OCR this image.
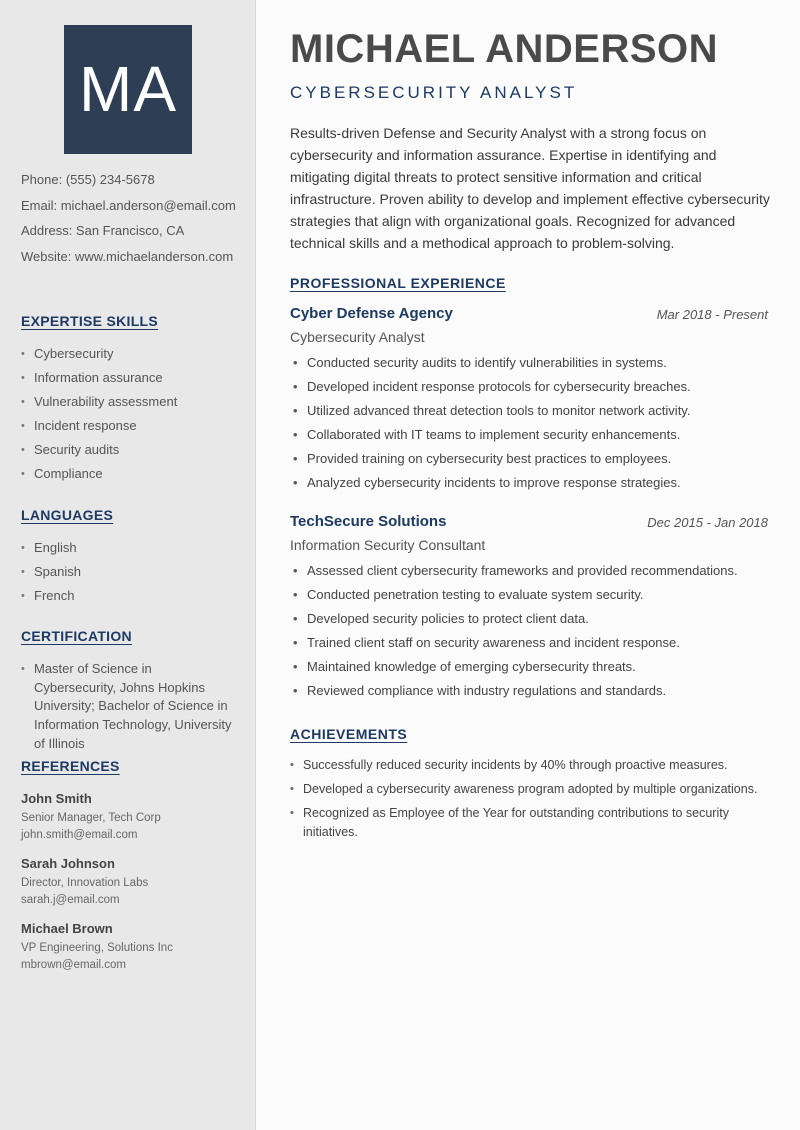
MA
Phone: (555) 234-5678
Email: michael.anderson@email.com
Address: San Francisco, CA
Website: www.michaelanderson.com
EXPERTISE SKILLS
• Cybersecurity
• Information assurance
• Vulnerability assessment
• Incident response
• Security audits
• Compliance
LANGUAGES
• English
• Spanish
• French
CERTIFICATION
• Master of Science in Cybersecurity, Johns Hopkins University; Bachelor of Science in Information Technology, University of Illinois
REFERENCES
John Smith
Senior Manager, Tech Corp
john.smith@email.com
Sarah Johnson
Director, Innovation Labs
sarah.j@email.com
Michael Brown
VP Engineering, Solutions Inc
mbrown@email.com
MICHAEL ANDERSON
CYBERSECURITY ANALYST

Results-driven Defense and Security Analyst with a strong focus on cybersecurity and information assurance. Expertise in identifying and mitigating digital threats to protect sensitive information and critical infrastructure. Proven ability to develop and implement effective cybersecurity strategies that align with organizational goals. Recognized for advanced technical skills and a methodical approach to problem-solving.

PROFESSIONAL EXPERIENCE
Cyber Defense Agency	Mar 2018 - Present
Cybersecurity Analyst
• Conducted security audits to identify vulnerabilities in systems.
• Developed incident response protocols for cybersecurity breaches.
• Utilized advanced threat detection tools to monitor network activity.
• Collaborated with IT teams to implement security enhancements.
• Provided training on cybersecurity best practices to employees.
• Analyzed cybersecurity incidents to improve response strategies.
TechSecure Solutions	Dec 2015 - Jan 2018
Information Security Consultant
• Assessed client cybersecurity frameworks and provided recommendations.
• Conducted penetration testing to evaluate system security.
• Developed security policies to protect client data.
• Trained client staff on security awareness and incident response.
• Maintained knowledge of emerging cybersecurity threats.
• Reviewed compliance with industry regulations and standards.
ACHIEVEMENTS
• Successfully reduced security incidents by 40% through proactive measures.
• Developed a cybersecurity awareness program adopted by multiple organizations.
• Recognized as Employee of the Year for outstanding contributions to security initiatives.
